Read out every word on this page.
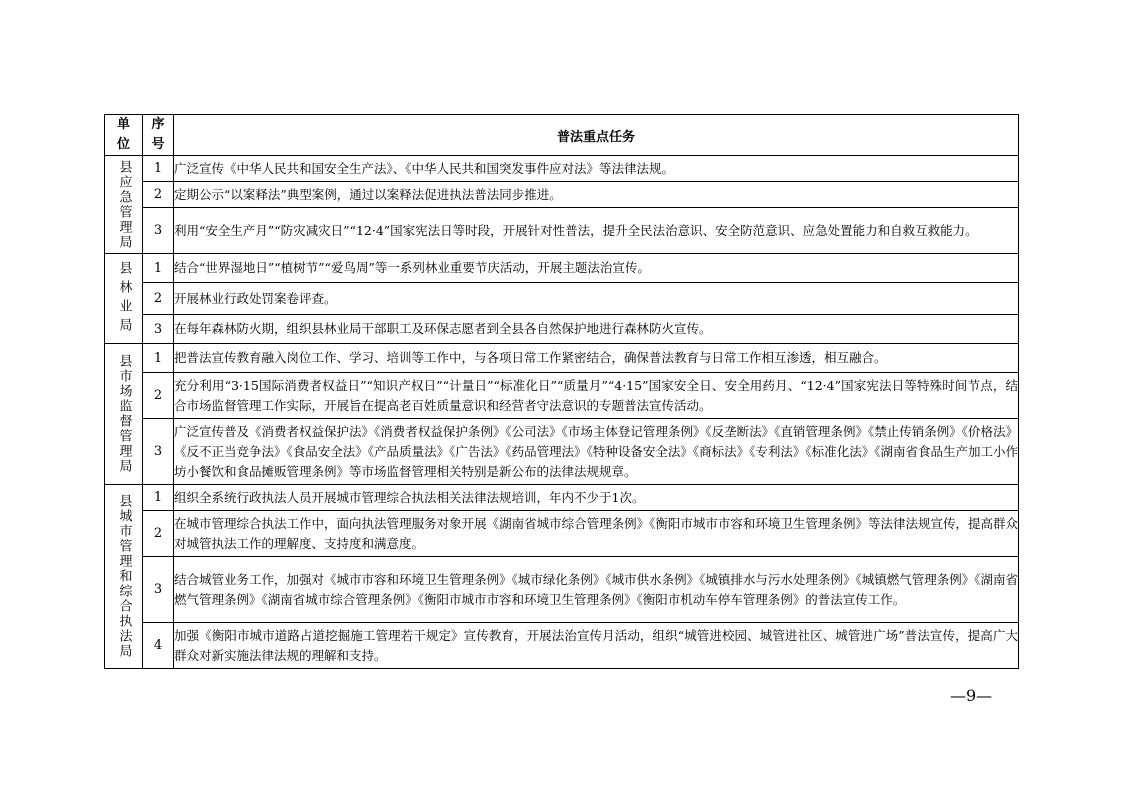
单位	序号	普法重点任务

县应急管理局	1	广泛宣传《中华人民共和国安全生产法》、《中华人民共和国突发事件应对法》等法律法规。
	2	定期公示“以案释法”典型案例，通过以案释法促进执法普法同步推进。
	3	利用“安全生产月”“防灾减灾日”“12·4”国家宪法日等时段，开展针对性普法，提升全民法治意识、安全防范意识、应急处置能力和自救互救能力。

县林业局	1	结合“世界湿地日”“植树节”“爱鸟周”等一系列林业重要节庆活动，开展主题法治宣传。
	2	开展林业行政处罚案卷评查。
	3	在每年森林防火期，组织县林业局干部职工及环保志愿者到全县各自然保护地进行森林防火宣传。

县市场监督管理局	1	把普法宣传教育融入岗位工作、学习、培训等工作中，与各项日常工作紧密结合，确保普法教育与日常工作相互渗透，相互融合。
	2	充分利用“3·15国际消费者权益日”“知识产权日”“计量日”“标准化日”“质量月”“4·15”国家安全日、安全用药月、“12·4”国家宪法日等特殊时间节点，结合市场监督管理工作实际，开展旨在提高老百姓质量意识和经营者守法意识的专题普法宣传活动。
	3	广泛宣传普及《消费者权益保护法》《消费者权益保护条例》《公司法》《市场主体登记管理条例》《反垄断法》《直销管理条例》《禁止传销条例》《价格法》《反不正当竞争法》《食品安全法》《产品质量法》《广告法》《药品管理法》《特种设备安全法》《商标法》《专利法》《标准化法》《湖南省食品生产加工小作坊小餐饮和食品摊贩管理条例》等市场监督管理相关特别是新公布的法律法规规章。

县城市管理和综合执法局	1	组织全系统行政执法人员开展城市管理综合执法相关法律法规培训，年内不少于1次。
	2	在城市管理综合执法工作中，面向执法管理服务对象开展《湖南省城市综合管理条例》《衡阳市城市市容和环境卫生管理条例》等法律法规宣传，提高群众对城管执法工作的理解度、支持度和满意度。
	3	结合城管业务工作，加强对《城市市容和环境卫生管理条例》《城市绿化条例》《城市供水条例》《城镇排水与污水处理条例》《城镇燃气管理条例》《湖南省燃气管理条例》《湖南省城市综合管理条例》《衡阳市城市市容和环境卫生管理条例》《衡阳市机动车停车管理条例》的普法宣传工作。
	4	加强《衡阳市城市道路占道挖掘施工管理若干规定》宣传教育，开展法治宣传月活动，组织“城管进校园、城管进社区、城管进广场”普法宣传，提高广大群众对新实施法律法规的理解和支持。
—9—
